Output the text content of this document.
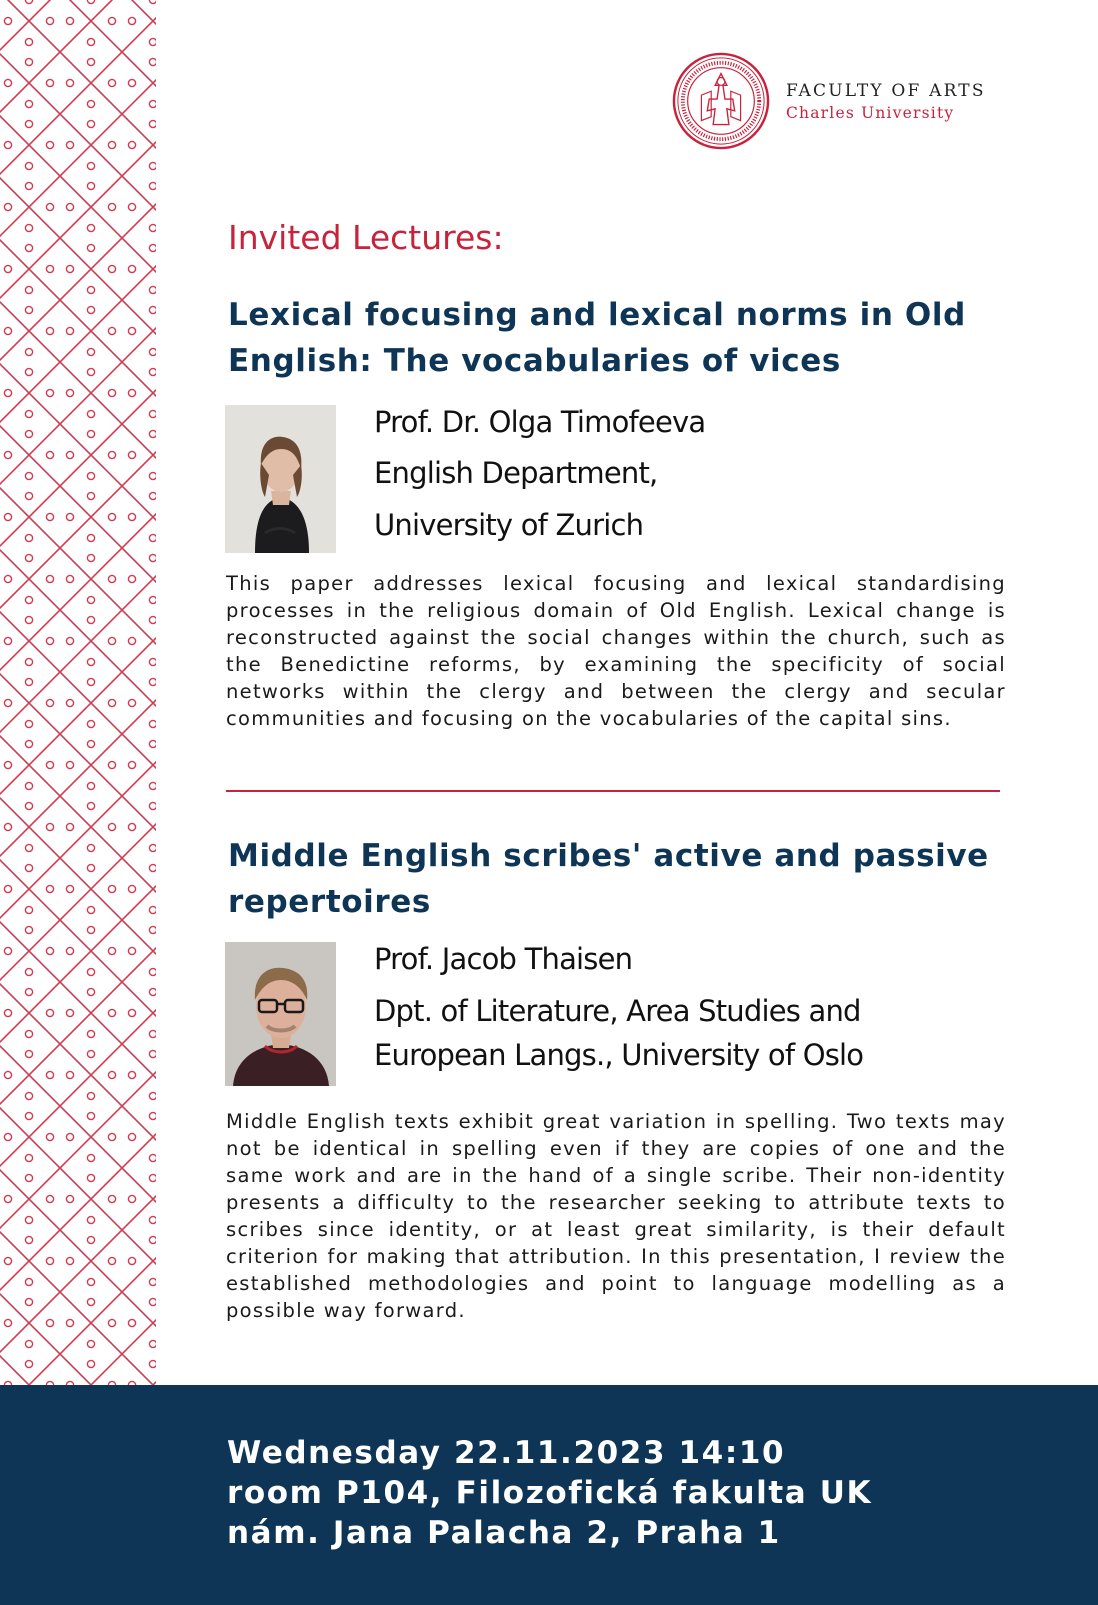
FACULTY OF ARTS
Charles University
Invited Lectures:
Lexical focusing and lexical norms in Old
English: The vocabularies of vices
Prof. Dr. Olga Timofeeva
English Department,
University of Zurich

This paper addresses lexical focusing and lexical standardising processes in the religious domain of Old English. Lexical change is reconstructed against the social changes within the church, such as the Benedictine reforms, by examining the specificity of social networks within the clergy and between the clergy and secular communities and focusing on the vocabularies of the capital sins.

Middle English scribes' active and passive
repertoires
Prof. Jacob Thaisen
Dpt. of Literature, Area Studies and
European Langs., University of Oslo

Middle English texts exhibit great variation in spelling. Two texts may not be identical in spelling even if they are copies of one and the same work and are in the hand of a single scribe. Their non-identity presents a difficulty to the researcher seeking to attribute texts to scribes since identity, or at least great similarity, is their default criterion for making that attribution. In this presentation, I review the established methodologies and point to language modelling as a possible way forward.

Wednesday 22.11.2023 14:10
room P104, Filozofická fakulta UK
nám. Jana Palacha 2, Praha 1
